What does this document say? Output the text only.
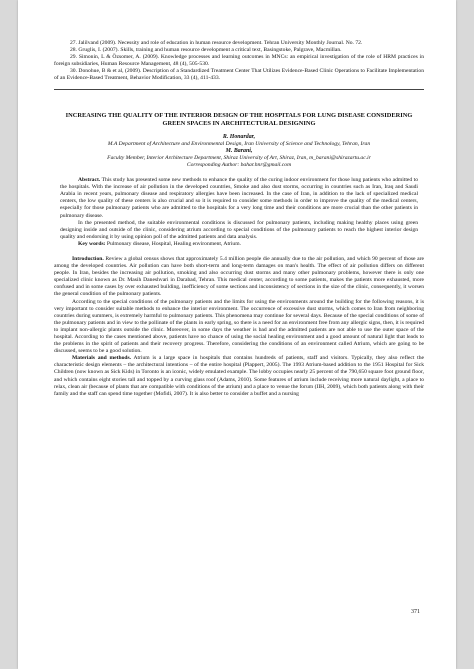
27. Jalilvand (2009). Necessity and role of education in human resource development. Tehran University Monthly Journal. No. 72.

28. Gruglis, I. (2007). Skills, training and human resource development a critical text, Basingstoke, Palgrave, Macmillan.

29. Simonin, L & Özsomer, A. (2009). Knowledge processes and learning outcomes in MNCs: an empirical investigation of the role of HRM practices in foreign subsidiaries, Human Resource Management, 48 (4), 505-530.

30. Donohue, B & et al, (2009). Description of a Standardized Treatment Center That Utilizes Evidence-Based Clinic Operations to Facilitate Implementation of an Evidence-Based Treatment, Behavior Modification, 33 (4), 411-433.

INCREASING THE QUALITY OF THE INTERIOR DESIGN OF THE HOSPITALS FOR LUNG DISEASE CONSIDERING GREEN SPACES IN ARCHITECTURAL DESIGNING

R. Honardar,

M.A Department of Architecture and Environmental Design, Iran University of Science and Technology, Tehran, Iran

M. Barani,

Faculty Member, Interior Architecture Department, Shiraz University of Art, Shiraz, Iran, m_barani@shirazartu.ac.ir

Corresponding Author: bahar.hnr@gmail.com

Abstract. This study has presented some new methods to enhance the quality of the curing indoor environment for those lung patients who admitted to the hospitals. With the increase of air pollution in the developed countries, Smoke and also dust storms, occurring in countries such as Iran, Iraq and Saudi Arabia in recent years, pulmonary disease and respiratory allergies have been increased. In the case of Iran, in addition to the lack of specialized medical centers, the low quality of these centers is also crucial and so it is required to consider some methods in order to improve the quality of the medical centers, especially for those pulmonary patients who are admitted to the hospitals for a very long time and their conditions are more crucial than the other patients in pulmonary disease.

In the presented method, the suitable environmental conditions is discussed for pulmonary patients, including making healthy places using green designing inside and outside of the clinic, considering atrium according to special conditions of the pulmonary patients to reach the highest interior design quality and endorsing it by using opinion poll of the admitted patients and data analysis.

Key words: Pulmonary disease, Hospital, Healing environment, Atrium.

Introduction. Review a global census shows that approximately 5.4 million people die annually due to the air pollution, and which 90 percent of those are among the developed countries. Air pollution can have both short-term and long-term damages on man's health. The effect of air pollution differs on different people. In Iran, besides the increasing air pollution, smoking and also occurring dust storms and many other pulmonary problems, however there is only one specialized clinic known as Dr. Masih Daneshvari in Darabad, Tehran. This medical center, according to some patients, makes the patients more exhausted, more confused and in some cases by over exhausted building, inefficiency of some sections and inconsistency of sections in the size of the clinic, consequently, it worsen the general condition of the pulmonary patients.

According to the special conditions of the pulmonary patients and the limits for using the environments around the building for the following reasons, it is very important to consider suitable methods to enhance the interior environment. The occurrence of excessive dust storms, which comes to Iran from neighboring countries during summers, is extremely harmful to pulmonary patients. This phenomena may continue for several days. Because of the special conditions of some of the pulmonary patients and in view to the pollinate of the plants in early spring, so there is a need for an environment free from any allergic signs, then, it is required to implant non-allergic plants outside the clinic. Moreover, in some days the weather is bad and the admitted patients are not able to use the outer space of the hospital. According to the cases mentioned above, patients have no chance of using the social healing environment and a good amount of natural light that leads to the problems in the spirit of patients and their recovery progress. Therefore, considering the conditions of an environment called Atrium, which are going to be discussed, seems to be a good solution.

Materials and methods. Atrium is a large space in hospitals that contains hundreds of patients, staff and visitors. Typically, they also reflect the characteristic design elements – the architectural intentions – of the entire hospital (Plappert, 2005). The 1993 Atrium-based addition to the 1951 Hospital for Sick Children (now known as Sick Kids) in Toronto is an iconic, widely emulated example. The lobby occupies nearly 25 percent of the 790,650 square foot ground floor, and which contains eight stories tall and topped by a curving glass roof (Adams, 2010). Some features of atrium include receiving more natural daylight, a place to relax, clean air (because of plants that are compatible with conditions of the atrium) and a place to venue the forum (IIH, 2009), which both patients along with their family and the staff can spend time together (Mofidi, 2007). It is also better to consider a buffet and a nursing

371
